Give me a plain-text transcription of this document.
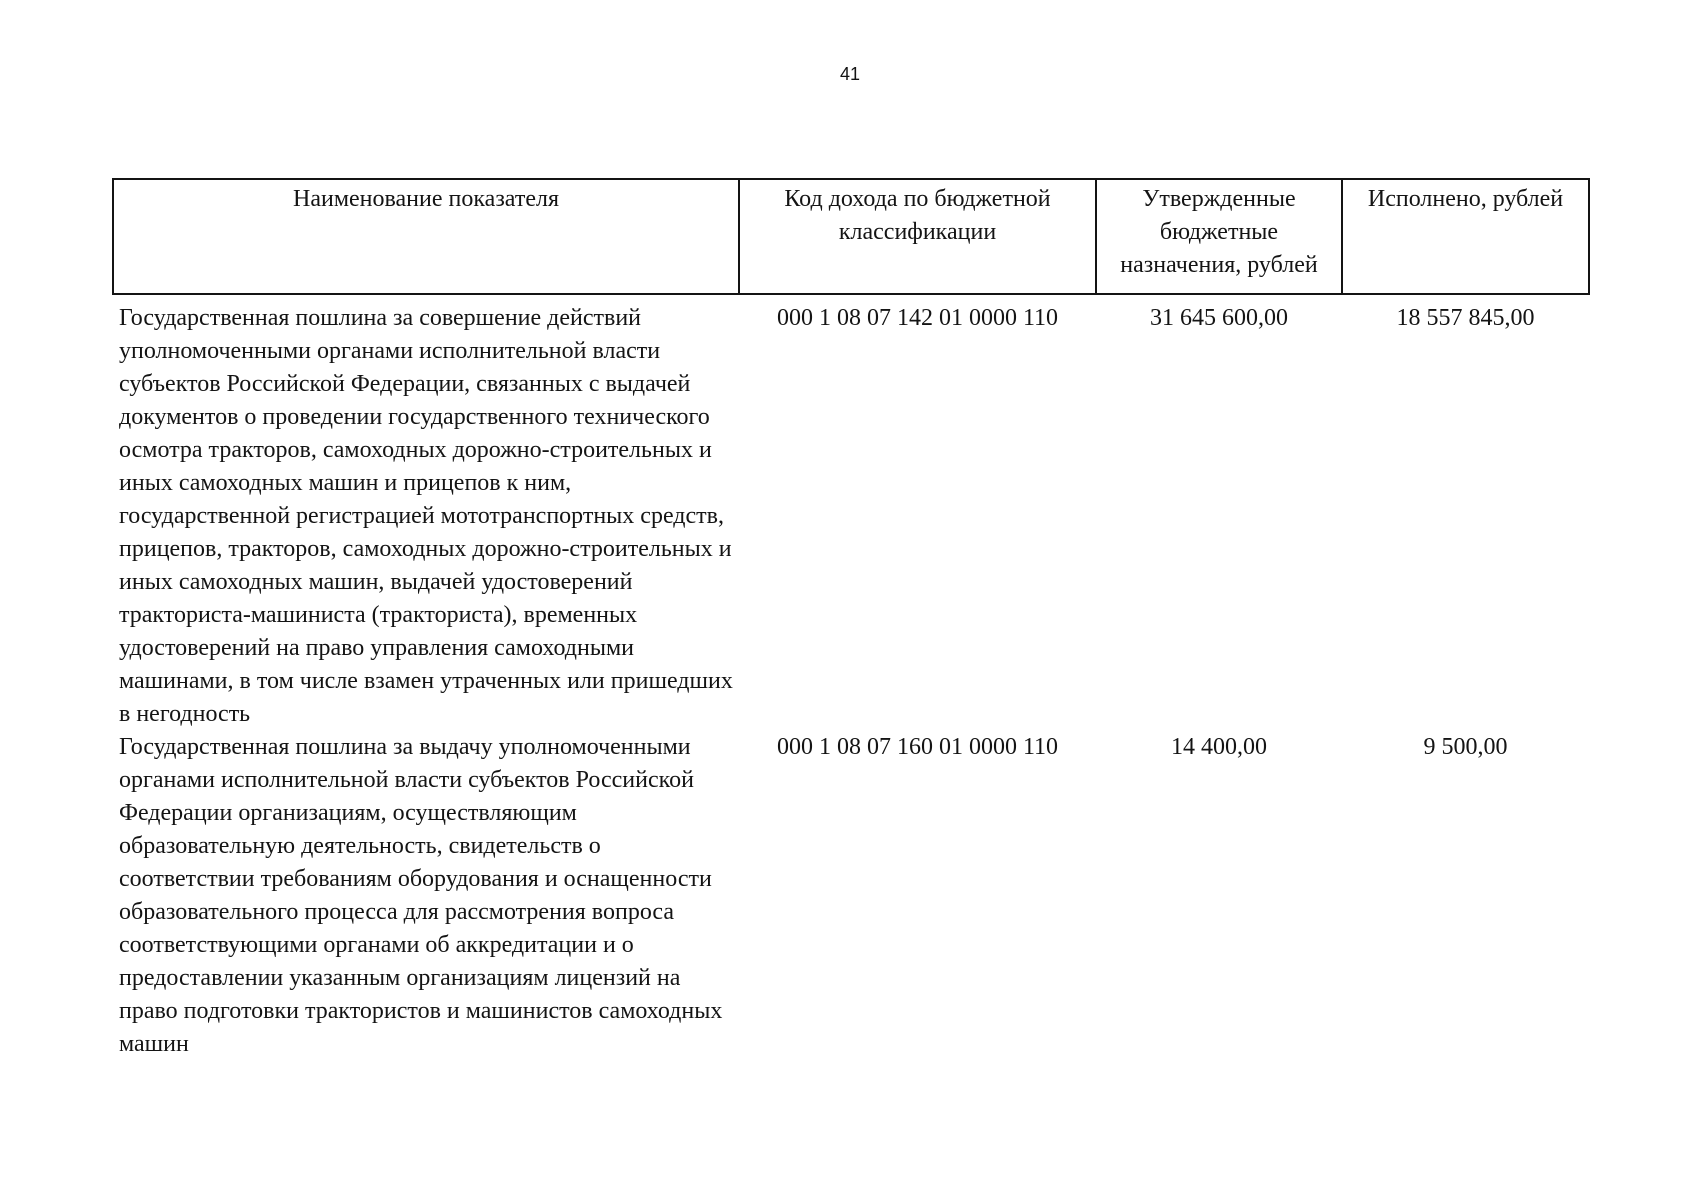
41
Наименование показателя	Код дохода по бюджетной классификации	Утвержденные бюджетные назначения, рублей	Исполнено, рублей
Государственная пошлина за совершение действий уполномоченными органами исполнительной власти субъектов Российской Федерации, связанных с выдачей документов о проведении государственного технического осмотра тракторов, самоходных дорожно-строительных и иных самоходных машин и прицепов к ним, государственной регистрацией мототранспортных средств, прицепов, тракторов, самоходных дорожно-строительных и иных самоходных машин, выдачей удостоверений тракториста-машиниста (тракториста), временных удостоверений на право управления самоходными машинами, в том числе взамен утраченных или пришедших в негодность	000 1 08 07 142 01 0000 110	31 645 600,00	18 557 845,00
Государственная пошлина за выдачу уполномоченными органами исполнительной власти субъектов Российской Федерации организациям, осуществляющим образовательную деятельность, свидетельств о соответствии требованиям оборудования и оснащенности образовательного процесса для рассмотрения вопроса соответствующими органами об аккредитации и о предоставлении указанным организациям лицензий на право подготовки трактористов и машинистов самоходных машин	000 1 08 07 160 01 0000 110	14 400,00	9 500,00
